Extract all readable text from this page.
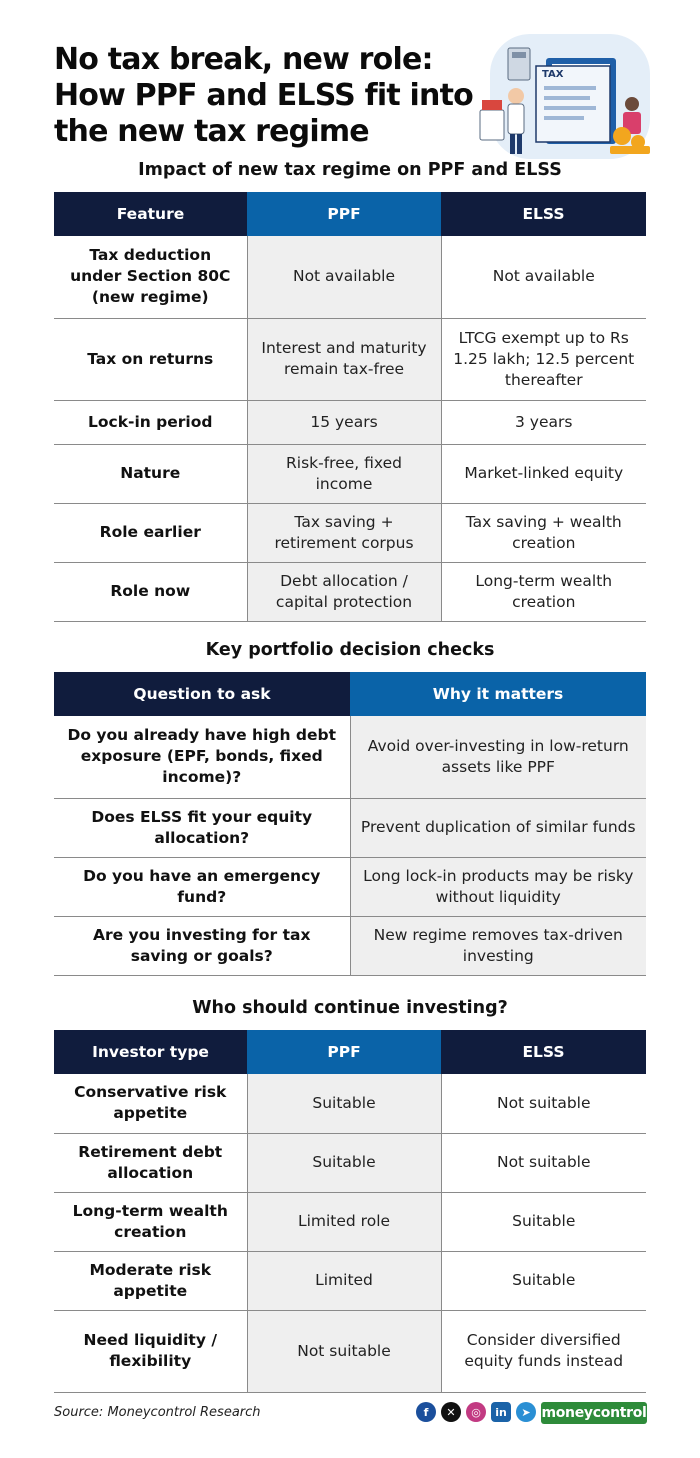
No tax break, new role: How PPF and ELSS fit into the new tax regime
TAX
Impact of new tax regime on PPF and ELSS
Feature	PPF	ELSS
Tax deduction under Section 80C (new regime)	Not available	Not available
Tax on returns	Interest and maturity remain tax-free	LTCG exempt up to Rs 1.25 lakh; 12.5 percent thereafter
Lock-in period	15 years	3 years
Nature	Risk-free, fixed income	Market-linked equity
Role earlier	Tax saving + retirement corpus	Tax saving + wealth creation
Role now	Debt allocation / capital protection	Long-term wealth creation
Key portfolio decision checks
Question to ask	Why it matters
Do you already have high debt exposure (EPF, bonds, fixed income)?	Avoid over-investing in low-return assets like PPF
Does ELSS fit your equity allocation?	Prevent duplication of similar funds
Do you have an emergency fund?	Long lock-in products may be risky without liquidity
Are you investing for tax saving or goals?	New regime removes tax-driven investing
Who should continue investing?
Investor type	PPF	ELSS
Conservative risk appetite	Suitable	Not suitable
Retirement debt allocation	Suitable	Not suitable
Long-term wealth creation	Limited role	Suitable
Moderate risk appetite	Limited	Suitable
Need liquidity / flexibility	Not suitable	Consider diversified equity funds instead
Source: Moneycontrol Research	f	✕	◎	in	➤ moneycontrol
